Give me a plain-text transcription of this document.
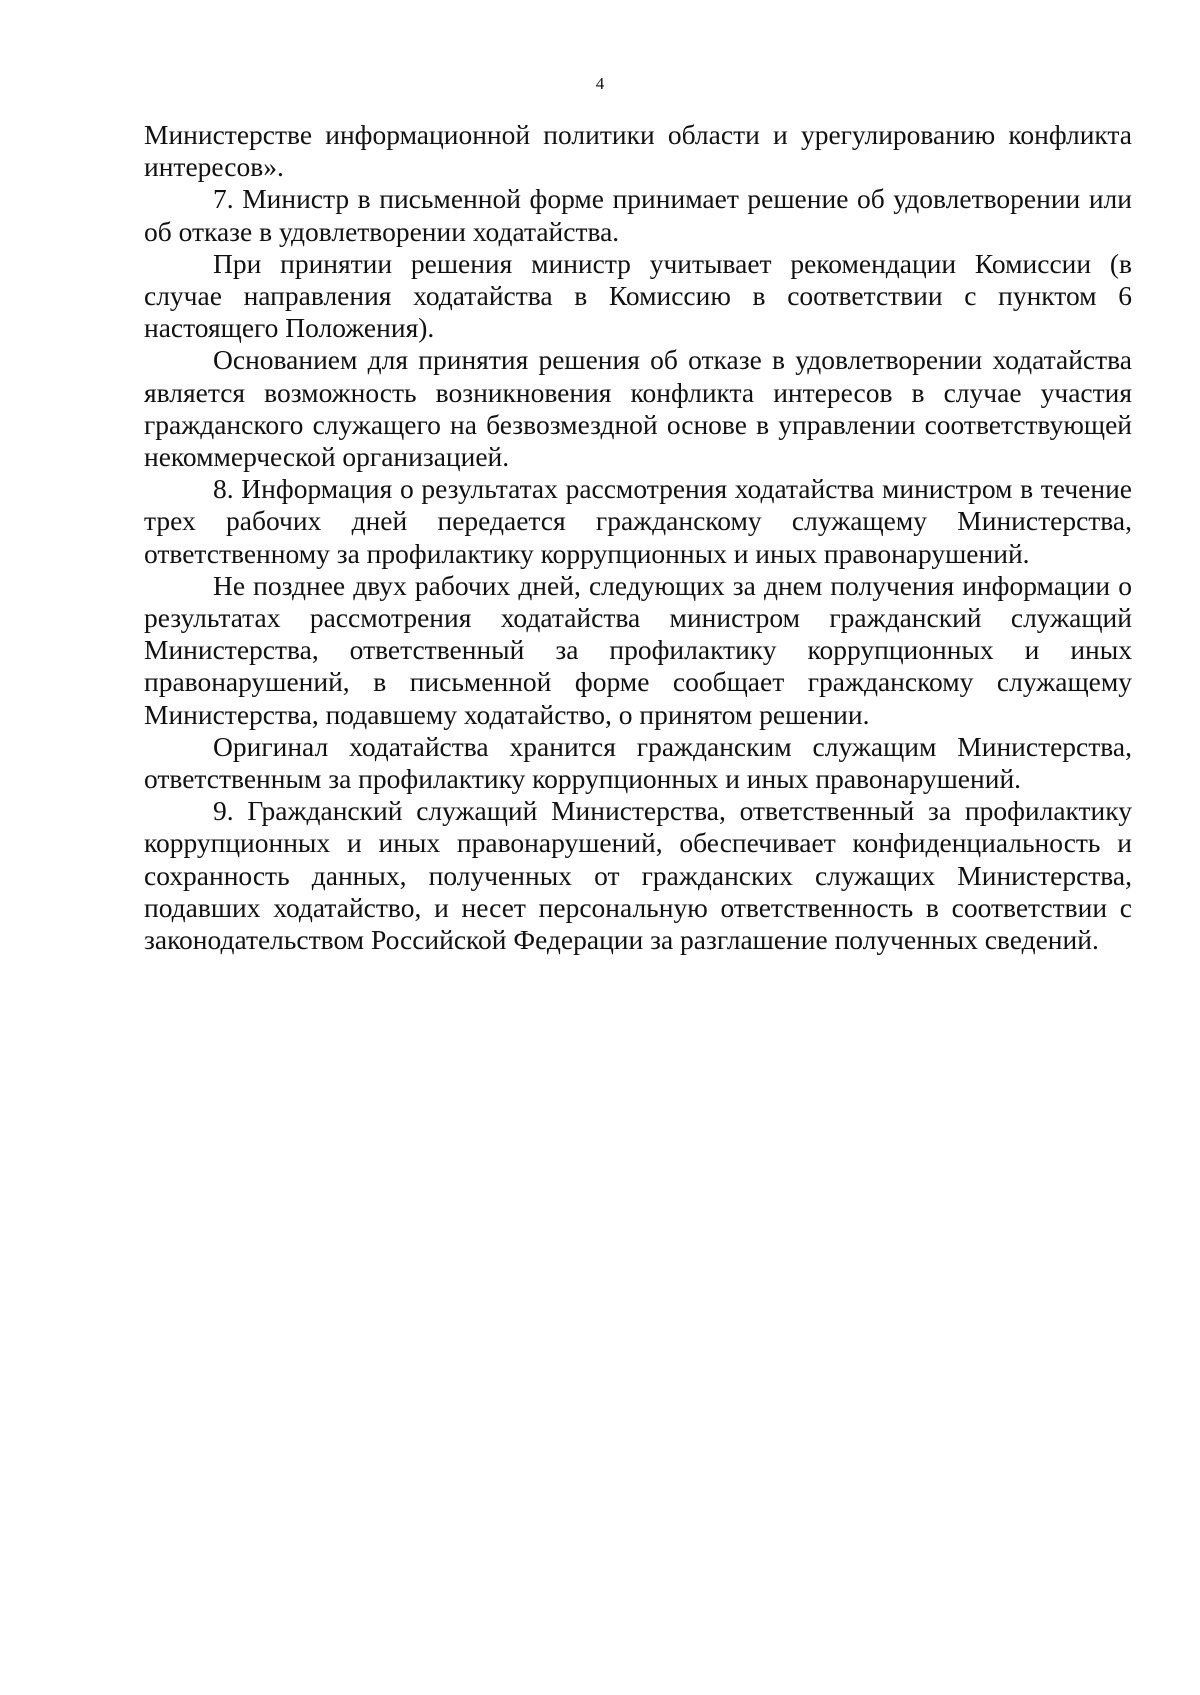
4

Министерстве информационной политики области и урегулированию конфликта интересов».

7. Министр в письменной форме принимает решение об удовлетворении или об отказе в удовлетворении ходатайства.

При принятии решения министр учитывает рекомендации Комиссии (в случае направления ходатайства в Комиссию в соответствии с пунктом 6 настоящего Положения).

Основанием для принятия решения об отказе в удовлетворении ходатайства является возможность возникновения конфликта интересов в случае участия гражданского служащего на безвозмездной основе в управлении соответствующей некоммерческой организацией.

8. Информация о результатах рассмотрения ходатайства министром в течение трех рабочих дней передается гражданскому служащему Министерства, ответственному за профилактику коррупционных и иных правонарушений.

Не позднее двух рабочих дней, следующих за днем получения информации о результатах рассмотрения ходатайства министром гражданский служащий Министерства, ответственный за профилактику коррупционных и иных правонарушений, в письменной форме сообщает гражданскому служащему Министерства, подавшему ходатайство, о принятом решении.

Оригинал ходатайства хранится гражданским служащим Министерства, ответственным за профилактику коррупционных и иных правонарушений.

9. Гражданский служащий Министерства, ответственный за профилактику коррупционных и иных правонарушений, обеспечивает конфиденциальность и сохранность данных, полученных от гражданских служащих Министерства, подавших ходатайство, и несет персональную ответственность в соответствии с законодательством Российской Федерации за разглашение полученных сведений.
